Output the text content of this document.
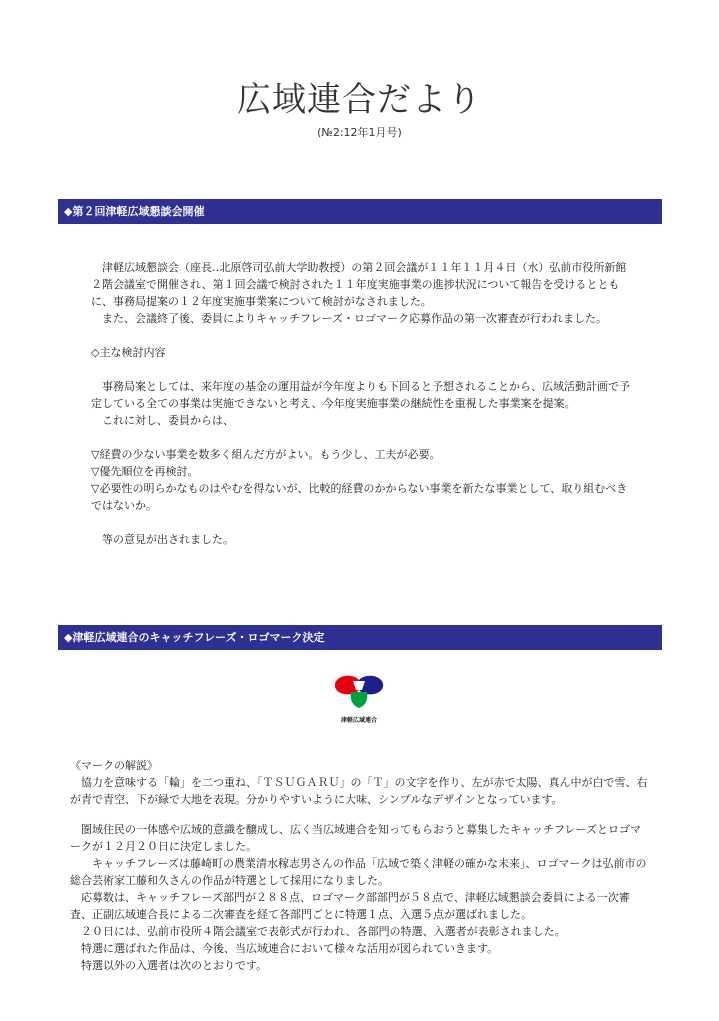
広域連合だより
(№2:12年1月号)
◆第２回津軽広域懇談会開催

津軽広域懇談会（座長‥北原啓司弘前大学助教授）の第２回会議が１１年１１月４日（水）弘前市役所新館２階会議室で開催され、第１回会議で検討された１１年度実施事業の進捗状況について報告を受けるとともに、事務局提案の１２年度実施事業案について検討がなされました。

また、会議終了後、委員によりキャッチフレーズ・ロゴマーク応募作品の第一次審査が行われました。

◇主な検討内容

事務局案としては、来年度の基金の運用益が今年度よりも下回ると予想されることから、広域活動計画で予定している全ての事業は実施できないと考え、今年度実施事業の継続性を重視した事業案を提案。

これに対し、委員からは、

▽経費の少ない事業を数多く組んだ方がよい。もう少し、工夫が必要。

▽優先順位を再検討。

▽必要性の明らかなものはやむを得ないが、比較的経費のかからない事業を新たな事業として、取り組むべきではないか。

等の意見が出されました。

◆津軽広域連合のキャッチフレーズ・ロゴマーク決定
津軽広域連合

《マークの解説》

協力を意味する「輪」を二つ重ね、「ＴＳＵＧＡＲＵ」の「Ｔ」の文字を作り、左が赤で太陽、真ん中が白で雪、右が青で青空、下が緑で大地を表現。分かりやすいように大味、シンプルなデザインとなっています。

圏域住民の一体感や広域的意識を醸成し、広く当広域連合を知ってもらおうと募集したキャッチフレーズとロゴマークが１２月２０日に決定しました。

キャッチフレーズは藤崎町の農業清水稼志男さんの作品「広域で築く津軽の確かな未来」、ロゴマークは弘前市の総合芸術家工藤和久さんの作品が特選として採用になりました。

応募数は、キャッチフレーズ部門が２８８点、ロゴマーク部部門が５８点で、津軽広域懇談会委員による一次審査、正副広域連合長による二次審査を経て各部門ごとに特選１点、入選５点が選ばれました。

２０日には、弘前市役所４階会議室で表彰式が行われ、各部門の特選、入選者が表彰されました。

特選に選ばれた作品は、今後、当広域連合において様々な活用が図られていきます。

特選以外の入選者は次のとおりです。
